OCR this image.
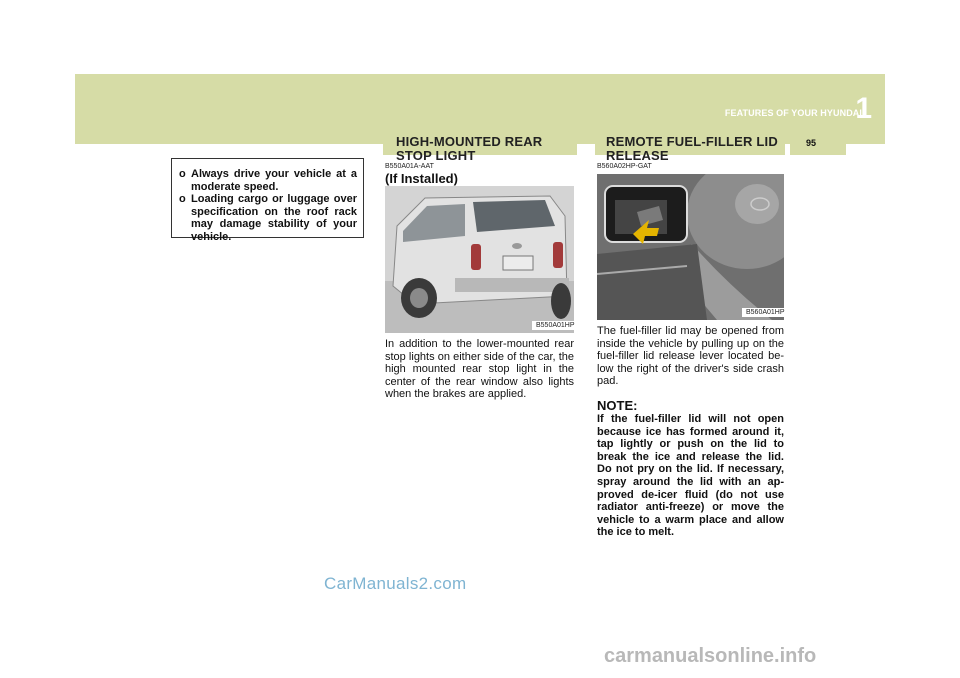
1
FEATURES OF YOUR HYUNDAI
HIGH-MOUNTED REAR STOP LIGHT
REMOTE FUEL-FILLER LID RELEASE
95
o Always drive your vehicle at a moderate speed.
o Loading cargo or luggage over specification on the roof rack may damage stability of your vehicle.
B550A01A-AAT
(If Installed)
B550A01HP
In addition to the lower-mounted rear stop lights on either side of the car, the high mounted rear stop light in the center of the rear window also lights when the brakes are applied.
B560A02HP-GAT
B560A01HP
The fuel-filler lid may be opened from inside the vehicle by pulling up on the fuel-filler lid release lever located be- low the right of the driver's side crash pad.
NOTE:
If the fuel-filler lid will not open because ice has formed around it, tap lightly or push on the lid to break the ice and release the lid. Do not pry on the lid. If necessary, spray around the lid with an ap- proved de-icer fluid (do not use radiator anti-freeze) or move the vehicle to a warm place and allow the ice to melt.
CarManuals2.com
carmanualsonline.info
